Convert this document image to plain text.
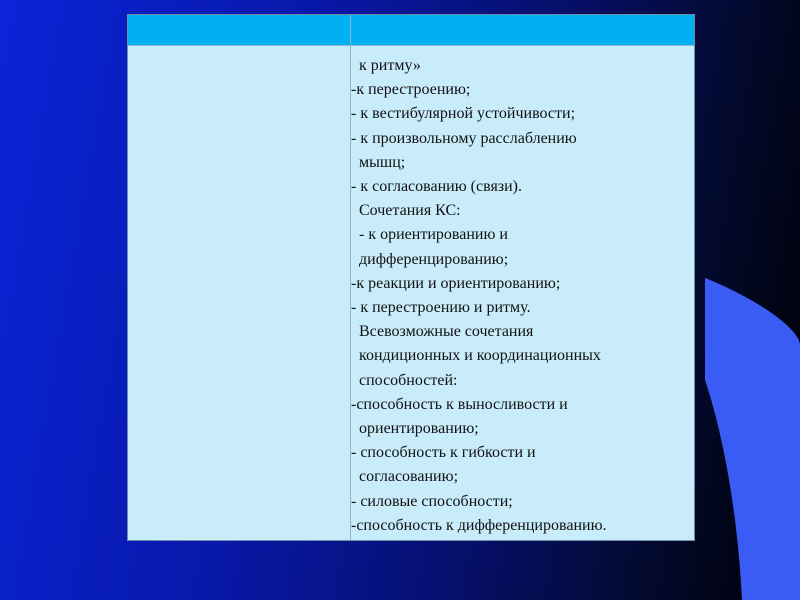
к ритму»
-к перестроению;
- к вестибулярной устойчивости;
- к произвольному расслаблению
мышц;
- к согласованию (связи).
Сочетания КС:
- к ориентированию и
дифференцированию;
-к реакции и ориентированию;
- к перестроению и ритму.
Всевозможные сочетания
кондиционных и координационных
способностей:
-способность к выносливости и
ориентированию;
- способность к гибкости и
согласованию;
- силовые способности;
-способность к дифференцированию.
